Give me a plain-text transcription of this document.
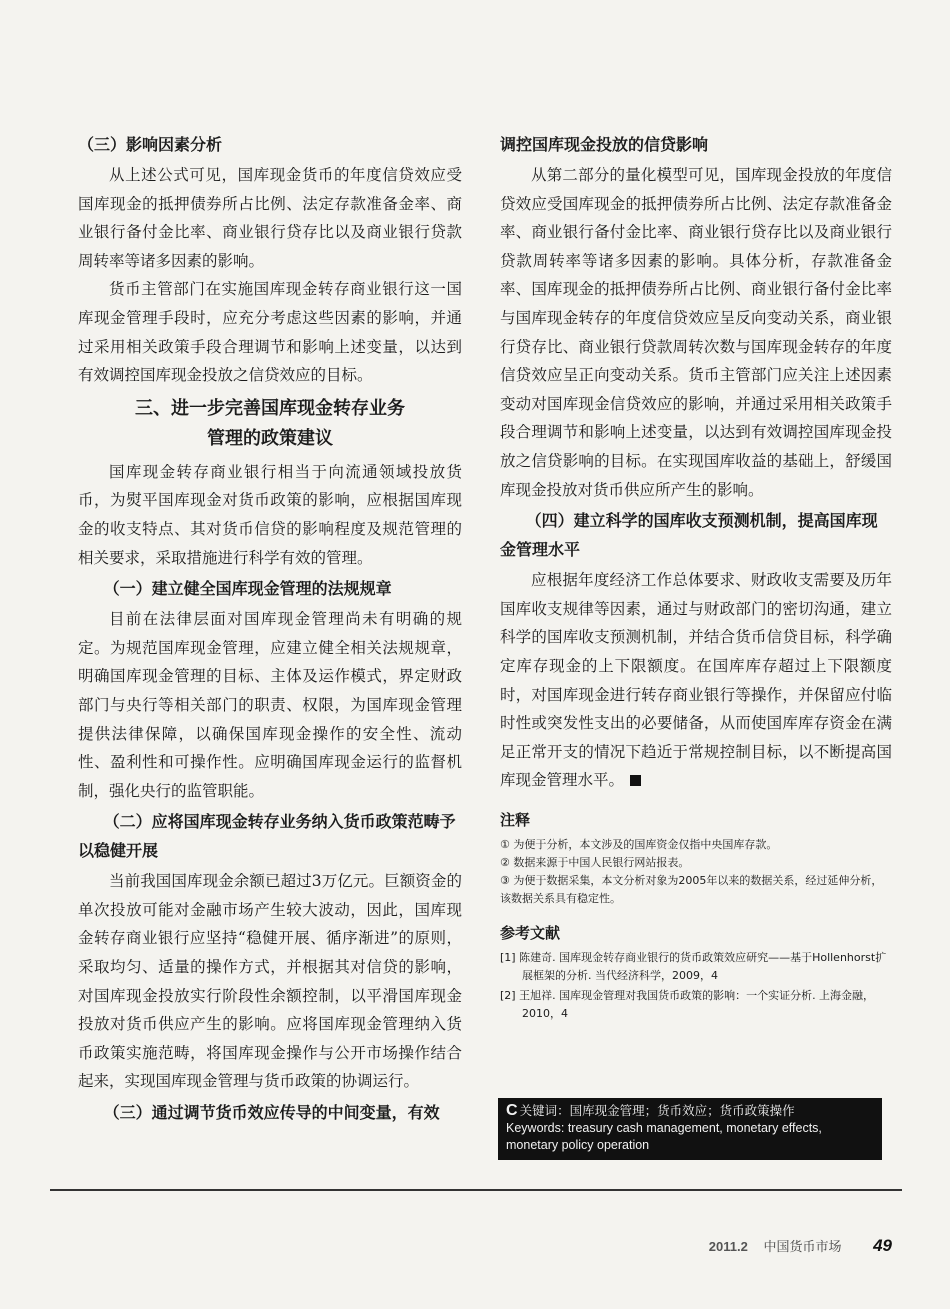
（三）影响因素分析

从上述公式可见，国库现金货币的年度信贷效应受国库现金的抵押债券所占比例、法定存款准备金率、商业银行备付金比率、商业银行贷存比以及商业银行贷款周转率等诸多因素的影响。

货币主管部门在实施国库现金转存商业银行这一国库现金管理手段时，应充分考虑这些因素的影响，并通过采用相关政策手段合理调节和影响上述变量，以达到有效调控国库现金投放之信贷效应的目标。

三、进一步完善国库现金转存业务
管理的政策建议

国库现金转存商业银行相当于向流通领域投放货币，为熨平国库现金对货币政策的影响，应根据国库现金的收支特点、其对货币信贷的影响程度及规范管理的相关要求，采取措施进行科学有效的管理。

（一）建立健全国库现金管理的法规规章

目前在法律层面对国库现金管理尚未有明确的规定。为规范国库现金管理，应建立健全相关法规规章，明确国库现金管理的目标、主体及运作模式，界定财政部门与央行等相关部门的职责、权限，为国库现金管理提供法律保障，以确保国库现金操作的安全性、流动性、盈利性和可操作性。应明确国库现金运行的监督机制，强化央行的监管职能。

（二）应将国库现金转存业务纳入货币政策范畴予以稳健开展

当前我国国库现金余额已超过3万亿元。巨额资金的单次投放可能对金融市场产生较大波动，因此，国库现金转存商业银行应坚持“稳健开展、循序渐进”的原则，采取均匀、适量的操作方式，并根据其对信贷的影响，对国库现金投放实行阶段性余额控制，以平滑国库现金投放对货币供应产生的影响。应将国库现金管理纳入货币政策实施范畴，将国库现金操作与公开市场操作结合起来，实现国库现金管理与货币政策的协调运行。

（三）通过调节货币效应传导的中间变量，有效
调控国库现金投放的信贷影响

从第二部分的量化模型可见，国库现金投放的年度信贷效应受国库现金的抵押债券所占比例、法定存款准备金率、商业银行备付金比率、商业银行贷存比以及商业银行贷款周转率等诸多因素的影响。具体分析，存款准备金率、国库现金的抵押债券所占比例、商业银行备付金比率与国库现金转存的年度信贷效应呈反向变动关系，商业银行贷存比、商业银行贷款周转次数与国库现金转存的年度信贷效应呈正向变动关系。货币主管部门应关注上述因素变动对国库现金信贷效应的影响，并通过采用相关政策手段合理调节和影响上述变量，以达到有效调控国库现金投放之信贷影响的目标。在实现国库收益的基础上，舒缓国库现金投放对货币供应所产生的影响。

（四）建立科学的国库收支预测机制，提高国库现金管理水平

应根据年度经济工作总体要求、财政收支需要及历年国库收支规律等因素，通过与财政部门的密切沟通，建立科学的国库收支预测机制，并结合货币信贷目标，科学确定库存现金的上下限额度。在国库库存超过上下限额度时，对国库现金进行转存商业银行等操作，并保留应付临时性或突发性支出的必要储备，从而使国库库存资金在满足正常开支的情况下趋近于常规控制目标，以不断提高国库现金管理水平。

注释

① 为便于分析，本文涉及的国库资金仅指中央国库存款。

② 数据来源于中国人民银行网站报表。

③ 为便于数据采集，本文分析对象为2005年以来的数据关系，经过延伸分析，该数据关系具有稳定性。

参考文献

[1] 陈建奇. 国库现金转存商业银行的货币政策效应研究——基于Hollenhorst扩展框架的分析. 当代经济科学，2009，4

[2] 王旭祥. 国库现金管理对我国货币政策的影响：一个实证分析. 上海金融，2010，4

C 关键词：国库现金管理；货币效应；货币政策操作
Keywords: treasury cash management, monetary effects, monetary policy operation
2011.2 中国货币市场 49
